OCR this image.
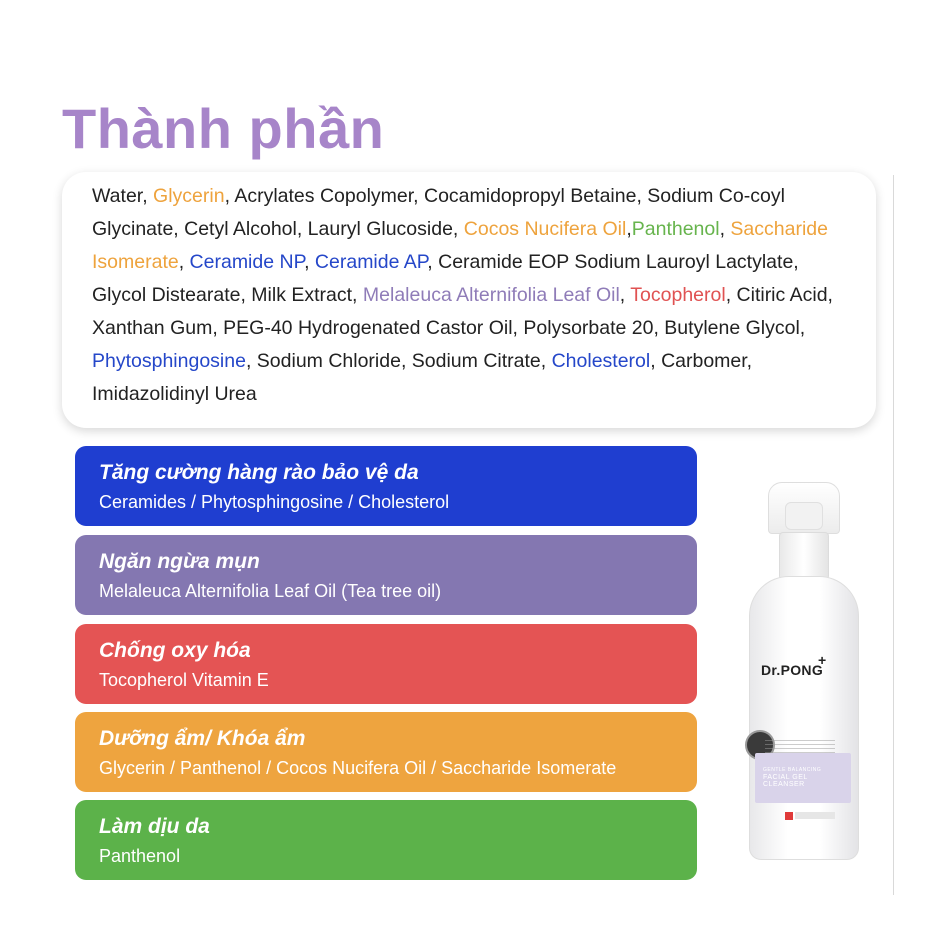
Thành phần

Water, Glycerin, Acrylates Copolymer, Cocamidopropyl Betaine, Sodium Co-coyl Glycinate, Cetyl Alcohol, Lauryl Glucoside, Cocos Nucifera Oil,Panthenol, Saccharide Isomerate, Ceramide NP, Ceramide AP, Ceramide EOP Sodium Lauroyl Lactylate, Glycol Distearate, Milk Extract, Melaleuca Alternifolia Leaf Oil, Tocopherol, Citiric Acid, Xanthan Gum, PEG-40 Hydrogenated Castor Oil, Polysorbate 20, Butylene Glycol, Phytosphingosine, Sodium Chloride, Sodium Citrate, Cholesterol, Carbomer, Imidazolidinyl Urea

Tăng cường hàng rào bảo vệ da
Ceramides / Phytosphingosine / Cholesterol
Ngăn ngừa mụn
Melaleuca Alternifolia Leaf Oil (Tea tree oil)
Chống oxy hóa
Tocopherol Vitamin E
Dưỡng ẩm/ Khóa ẩm
Glycerin / Panthenol / Cocos Nucifera Oil / Saccharide Isomerate
Làm dịu da
Panthenol
Dr.PONG
+
GENTLE BALANCING
FACIAL GEL CLEANSER
